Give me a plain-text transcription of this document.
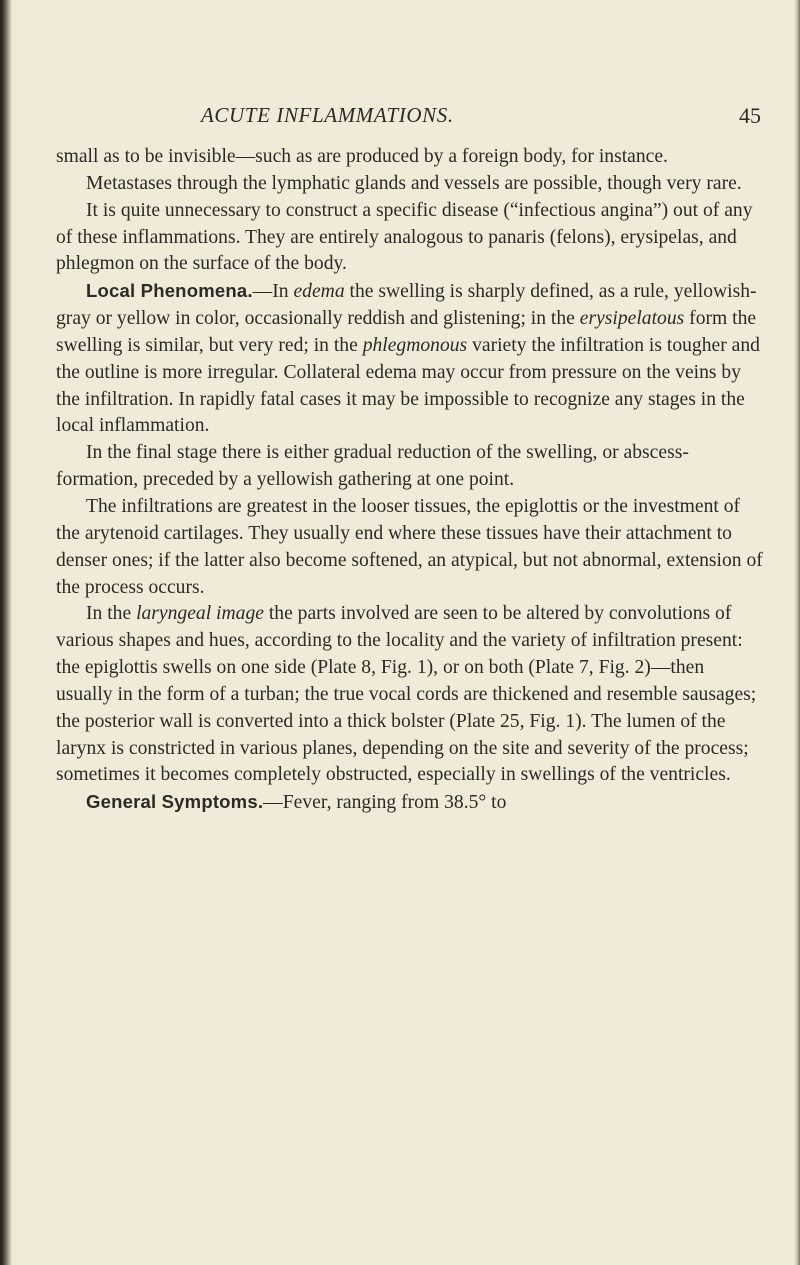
ACUTE INFLAMMATIONS.	45

small as to be invisible—such as are produced by a foreign body, for instance.

Metastases through the lymphatic glands and vessels are possible, though very rare.

It is quite unnecessary to construct a specific disease (“infectious angina”) out of any of these inflammations. They are entirely analogous to panaris (felons), erysipelas, and phlegmon on the surface of the body.

Local Phenomena.—In edema the swelling is sharply defined, as a rule, yellowish-gray or yellow in color, occasionally reddish and glistening; in the erysipelatous form the swelling is similar, but very red; in the phlegmonous variety the infiltration is tougher and the outline is more irregular. Collateral edema may occur from pressure on the veins by the infiltration. In rapidly fatal cases it may be impossible to recognize any stages in the local inflammation.

In the final stage there is either gradual reduction of the swelling, or abscess-formation, preceded by a yellowish gathering at one point.

The infiltrations are greatest in the looser tissues, the epiglottis or the investment of the arytenoid cartilages. They usually end where these tissues have their attachment to denser ones; if the latter also become softened, an atypical, but not abnormal, extension of the process occurs.

In the laryngeal image the parts involved are seen to be altered by convolutions of various shapes and hues, according to the locality and the variety of infiltration present: the epiglottis swells on one side (Plate 8, Fig. 1), or on both (Plate 7, Fig. 2)—then usually in the form of a turban; the true vocal cords are thickened and resemble sausages; the posterior wall is converted into a thick bolster (Plate 25, Fig. 1). The lumen of the larynx is constricted in various planes, depending on the site and severity of the process; sometimes it becomes completely obstructed, especially in swellings of the ventricles.

General Symptoms.—Fever, ranging from 38.5° to
